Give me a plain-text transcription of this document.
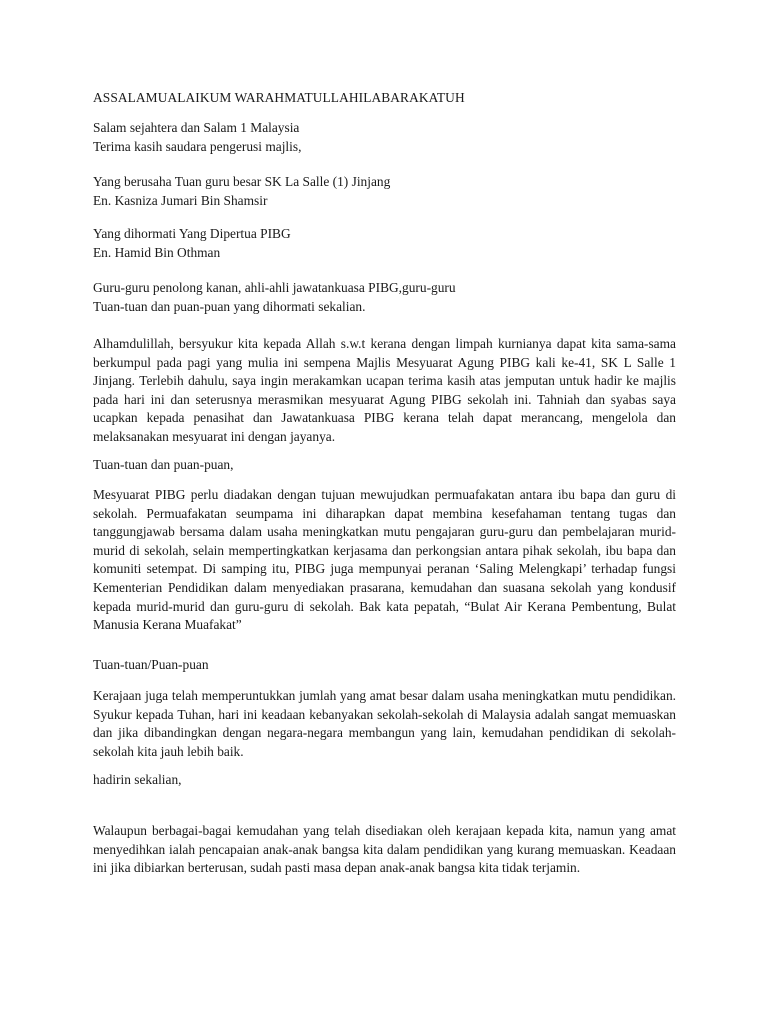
ASSALAMUALAIKUM WARAHMATULLAHILABARAKATUH
Salam sejahtera dan Salam 1 Malaysia
Terima kasih saudara pengerusi majlis,
Yang berusaha Tuan guru besar SK La Salle (1) Jinjang
En. Kasniza Jumari Bin Shamsir
Yang dihormati Yang Dipertua PIBG
En. Hamid Bin Othman
Guru-guru penolong kanan, ahli-ahli jawatankuasa PIBG,guru-guru
Tuan-tuan dan puan-puan yang dihormati sekalian.
Alhamdulillah, bersyukur kita kepada Allah s.w.t kerana dengan limpah kurnianya dapat kita sama-sama berkumpul pada pagi yang mulia ini sempena Majlis Mesyuarat Agung PIBG kali ke-41, SK L Salle 1 Jinjang. Terlebih dahulu, saya ingin merakamkan ucapan terima kasih atas jemputan untuk hadir ke majlis pada hari ini dan seterusnya merasmikan mesyuarat Agung PIBG sekolah ini. Tahniah dan syabas saya ucapkan kepada penasihat dan Jawatankuasa PIBG kerana telah dapat merancang, mengelola dan melaksanakan mesyuarat ini dengan jayanya.
Tuan-tuan dan puan-puan,
Mesyuarat PIBG perlu diadakan dengan tujuan mewujudkan permuafakatan antara ibu bapa dan guru di sekolah. Permuafakatan seumpama ini diharapkan dapat membina kesefahaman tentang tugas dan tanggungjawab bersama dalam usaha meningkatkan mutu pengajaran guru-guru dan pembelajaran murid-murid di sekolah, selain mempertingkatkan kerjasama dan perkongsian antara pihak sekolah, ibu bapa dan komuniti setempat. Di samping itu, PIBG juga mempunyai peranan ‘Saling Melengkapi’ terhadap fungsi Kementerian Pendidikan dalam menyediakan prasarana, kemudahan dan suasana sekolah yang kondusif kepada murid-murid dan guru-guru di sekolah. Bak kata pepatah, “Bulat Air Kerana Pembentung, Bulat Manusia Kerana Muafakat”
Tuan-tuan/Puan-puan
Kerajaan juga telah memperuntukkan jumlah yang amat besar dalam usaha meningkatkan mutu pendidikan. Syukur kepada Tuhan, hari ini keadaan kebanyakan sekolah-sekolah di Malaysia adalah sangat memuaskan dan jika dibandingkan dengan negara-negara membangun yang lain, kemudahan pendidikan di sekolah-sekolah kita jauh lebih baik.
hadirin sekalian,
Walaupun berbagai-bagai kemudahan yang telah disediakan oleh kerajaan kepada kita, namun yang amat menyedihkan ialah pencapaian anak-anak bangsa kita dalam pendidikan yang kurang memuaskan. Keadaan ini jika dibiarkan berterusan, sudah pasti masa depan anak-anak bangsa kita tidak terjamin.
